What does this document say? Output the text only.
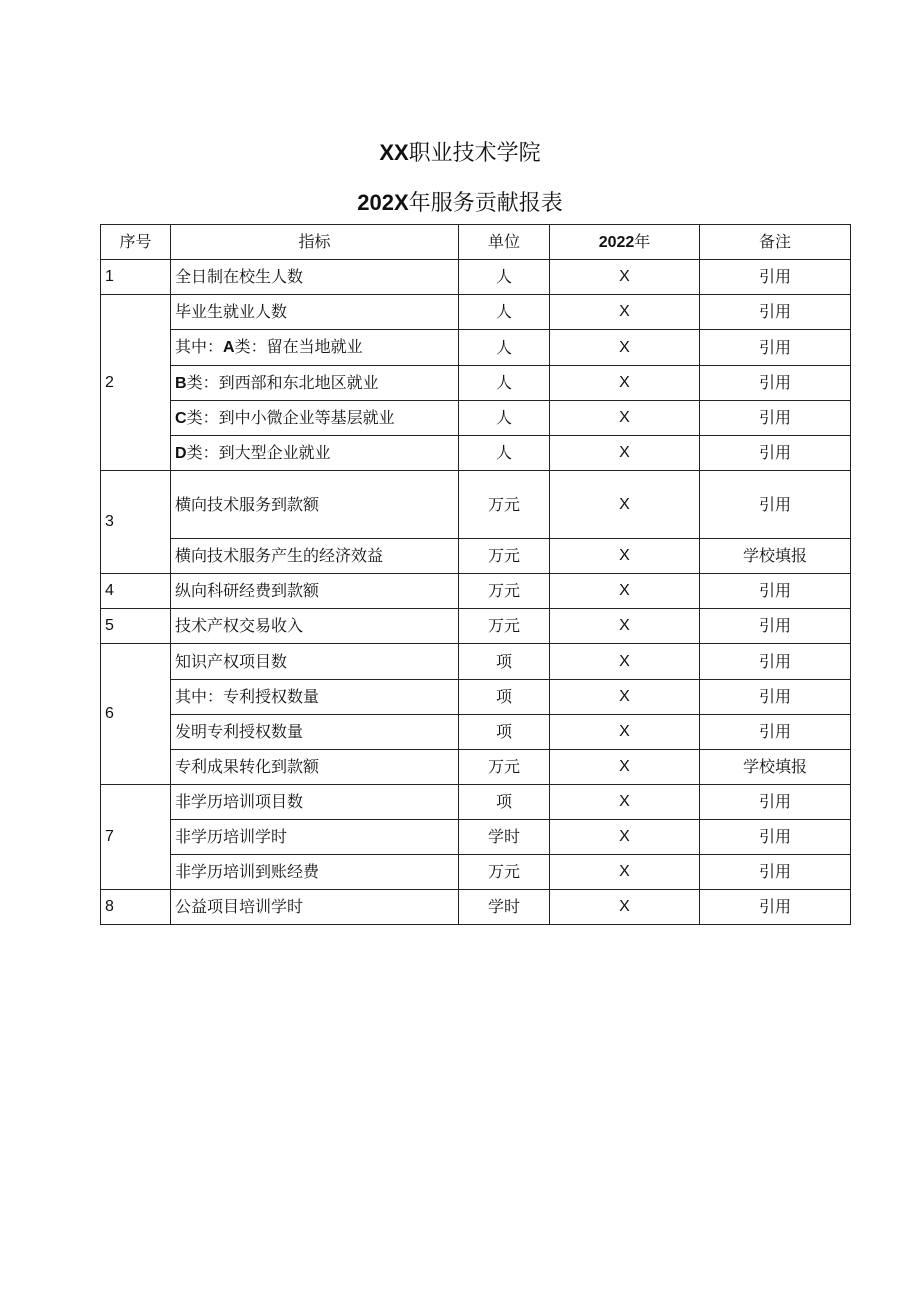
XX职业技术学院
202X年服务贡献报表
序号	指标	单位	2022年	备注
1	全日制在校生人数	人	X	引用
2	毕业生就业人数	人	X	引用
	其中：A类：留在当地就业	人	X	引用
	B类：到西部和东北地区就业	人	X	引用
	C类：到中小微企业等基层就业	人	X	引用
	D类：到大型企业就业	人	X	引用
3	横向技术服务到款额	万元	X	引用
	横向技术服务产生的经济效益	万元	X	学校填报
4	纵向科研经费到款额	万元	X	引用
5	技术产权交易收入	万元	X	引用
6	知识产权项目数	项	X	引用
	其中：专利授权数量	项	X	引用
	发明专利授权数量	项	X	引用
	专利成果转化到款额	万元	X	学校填报
7	非学历培训项目数	项	X	引用
	非学历培训学时	学时	X	引用
	非学历培训到账经费	万元	X	引用
8	公益项目培训学时	学时	X	引用
